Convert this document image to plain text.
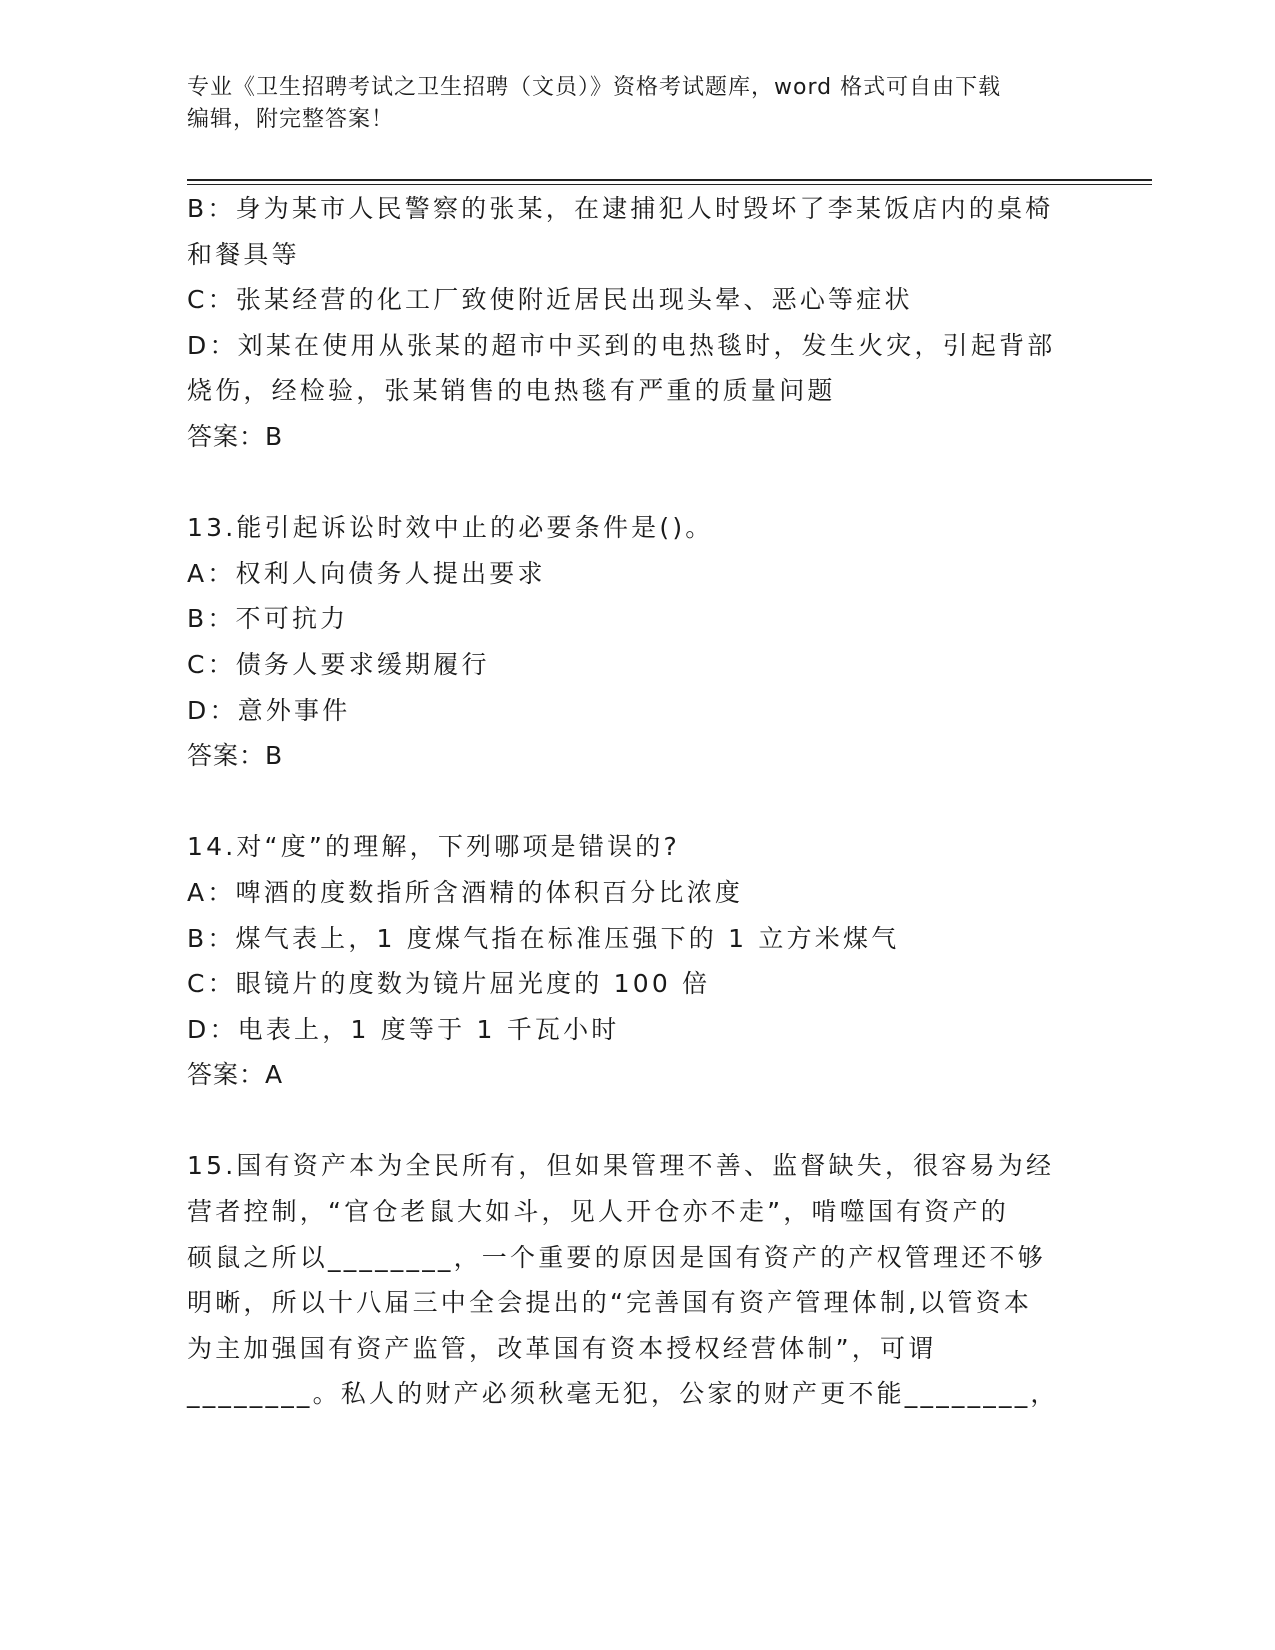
专业《卫生招聘考试之卫生招聘（文员）》资格考试题库，word 格式可自由下载
编辑，附完整答案！
B：身为某市人民警察的张某，在逮捕犯人时毁坏了李某饭店内的桌椅
和餐具等
C：张某经营的化工厂致使附近居民出现头晕、恶心等症状
D：刘某在使用从张某的超市中买到的电热毯时，发生火灾，引起背部
烧伤，经检验，张某销售的电热毯有严重的质量问题
答案：B
13.能引起诉讼时效中止的必要条件是()。
A：权利人向债务人提出要求
B：不可抗力
C：债务人要求缓期履行
D：意外事件
答案：B
14.对“度”的理解，下列哪项是错误的?
A：啤酒的度数指所含酒精的体积百分比浓度
B：煤气表上，1 度煤气指在标准压强下的 1 立方米煤气
C：眼镜片的度数为镜片屈光度的 100 倍
D：电表上，1 度等于 1 千瓦小时
答案：A
15.国有资产本为全民所有，但如果管理不善、监督缺失，很容易为经
营者控制，“官仓老鼠大如斗，见人开仓亦不走”，啃噬国有资产的
硕鼠之所以________，一个重要的原因是国有资产的产权管理还不够
明晰，所以十八届三中全会提出的“完善国有资产管理体制,以管资本
为主加强国有资产监管，改革国有资本授权经营体制”，可谓
________。私人的财产必须秋毫无犯，公家的财产更不能________，
